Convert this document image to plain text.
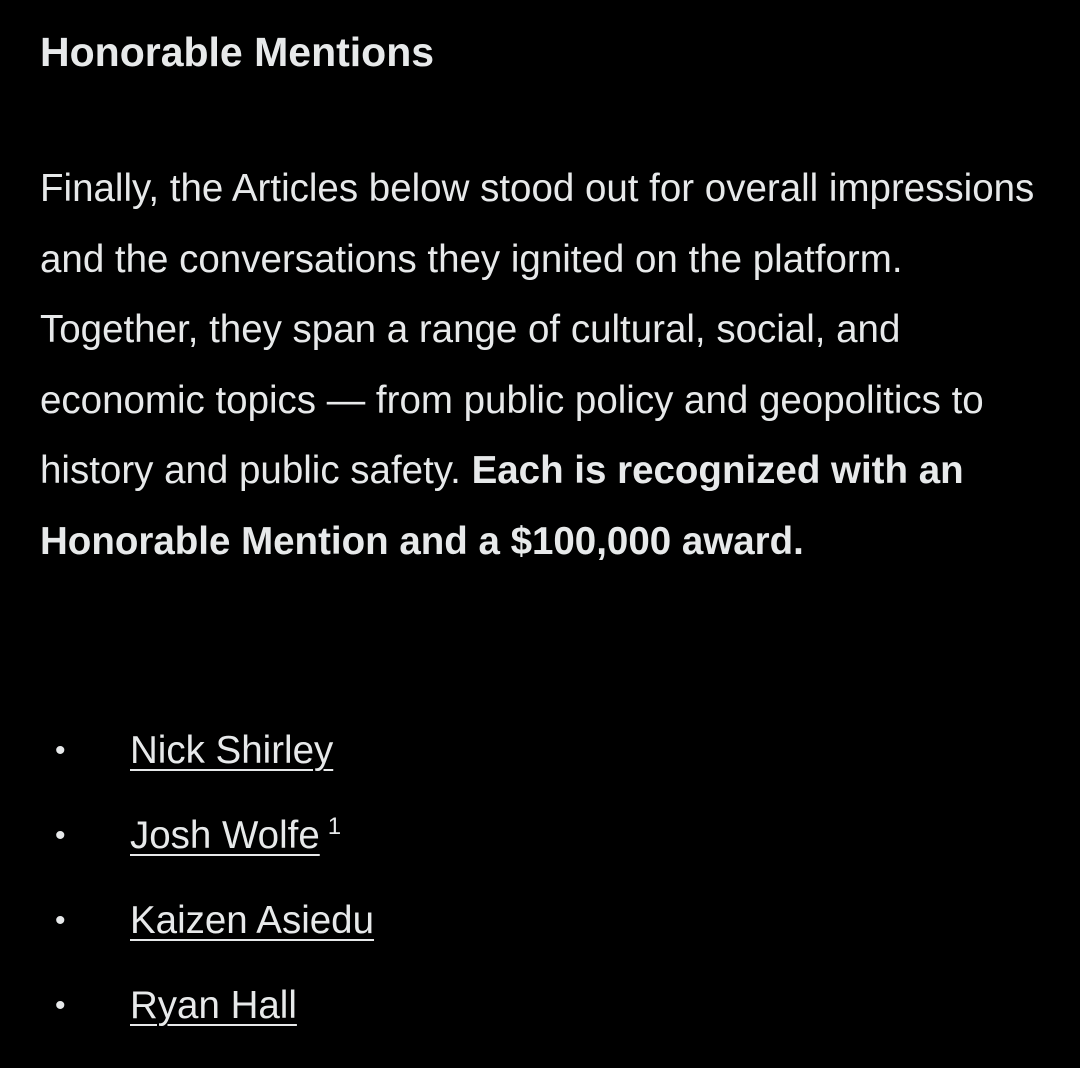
Honorable Mentions

Finally, the Articles below stood out for overall impressions and the conversations they ignited on the platform. Together, they span a range of cultural, social, and economic topics — from public policy and geopolitics to history and public safety. Each is recognized with an Honorable Mention and a $100,000 award.

• Nick Shirley
• Josh Wolfe $^1$
• Kaizen Asiedu
• Ryan Hall
